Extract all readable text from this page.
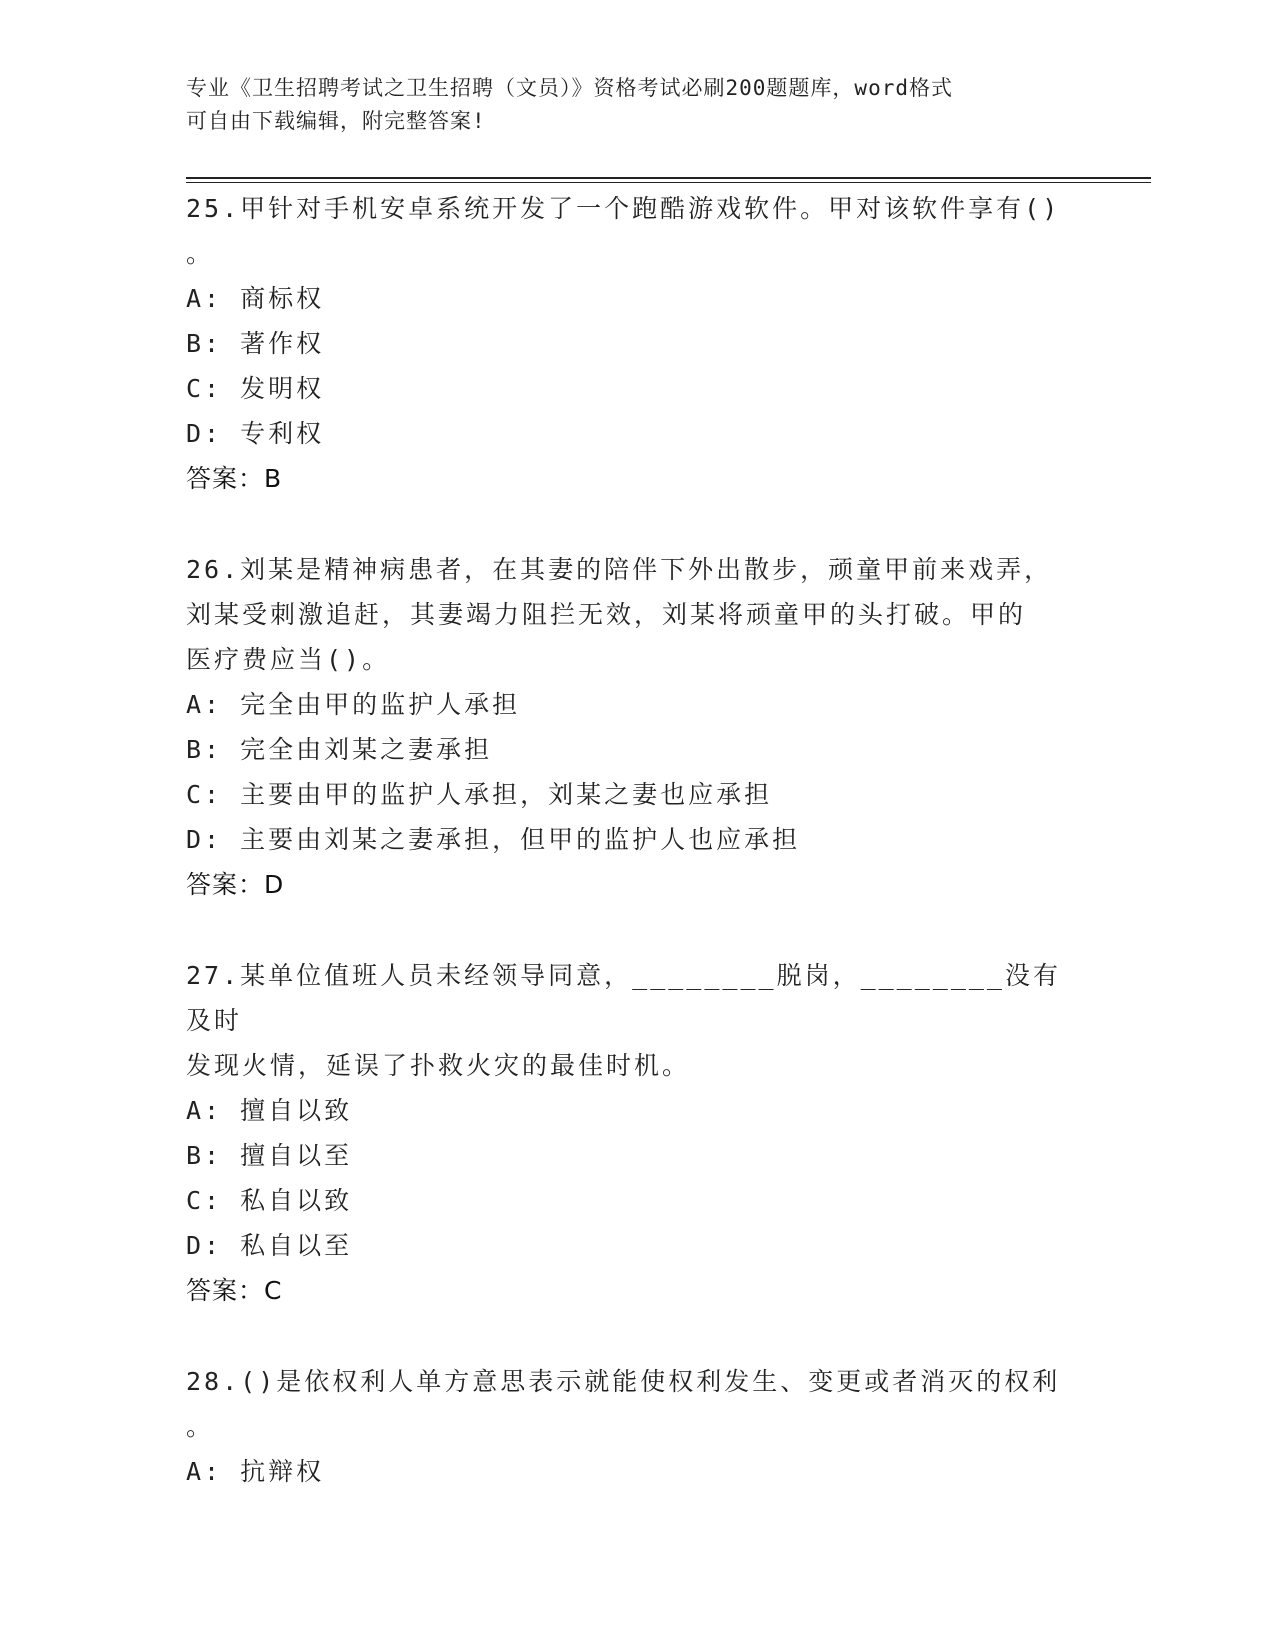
专业《卫生招聘考试之卫生招聘（文员）》资格考试必刷200题题库，word格式
可自由下载编辑，附完整答案!
25.甲针对手机安卓系统开发了一个跑酷游戏软件。甲对该软件享有()
。
A: 商标权
B: 著作权
C: 发明权
D: 专利权
答案：B
26.刘某是精神病患者，在其妻的陪伴下外出散步，顽童甲前来戏弄，
刘某受刺激追赶，其妻竭力阻拦无效，刘某将顽童甲的头打破。甲的
医疗费应当()。
A: 完全由甲的监护人承担
B: 完全由刘某之妻承担
C: 主要由甲的监护人承担，刘某之妻也应承担
D: 主要由刘某之妻承担，但甲的监护人也应承担
答案：D
27.某单位值班人员未经领导同意，________脱岗，________没有及时
发现火情，延误了扑救火灾的最佳时机。
A: 擅自以致
B: 擅自以至
C: 私自以致
D: 私自以至
答案：C
28.()是依权利人单方意思表示就能使权利发生、变更或者消灭的权利
。
A: 抗辩权
